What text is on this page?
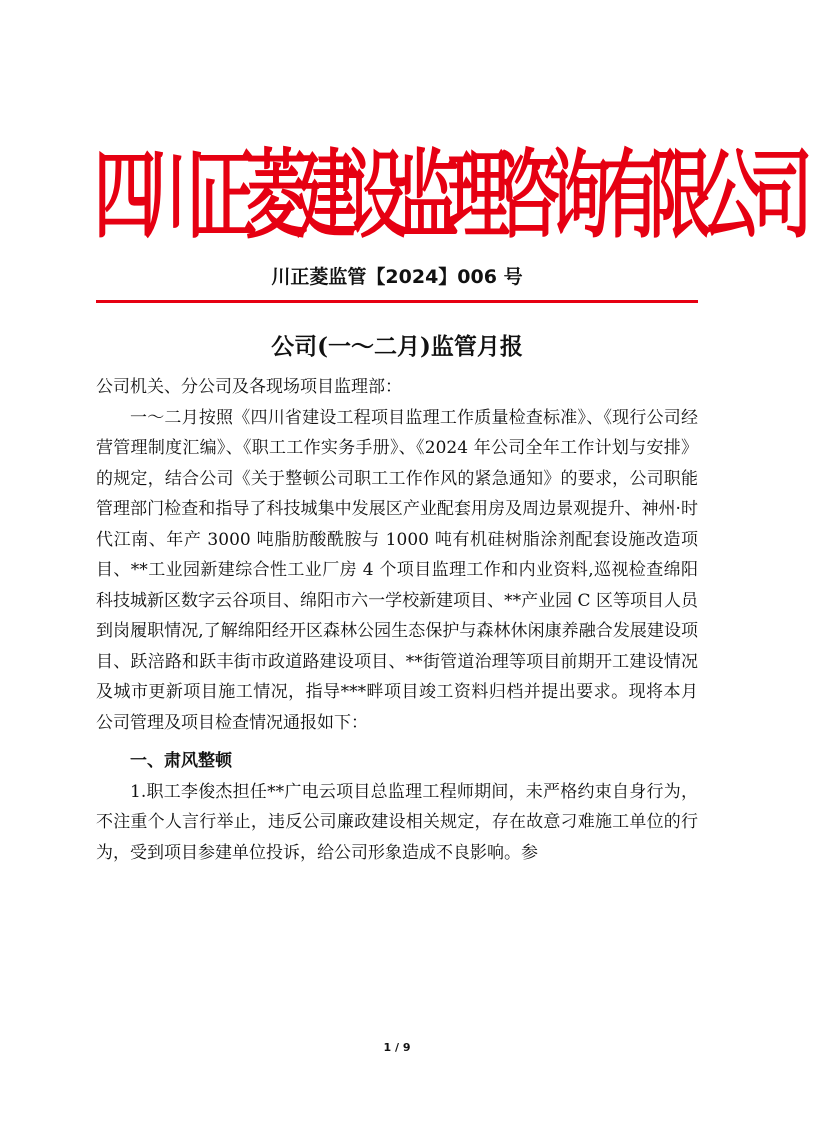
四
川
正
菱
建
设
监
理
咨
询
有
限
公
司
川正菱监管【2024】006 号
公司(一～二月)监管月报

公司机关、分公司及各现场项目监理部：

一～二月按照《四川省建设工程项目监理工作质量检查标准》、《现行公司经营管理制度汇编》、《职工工作实务手册》、《2024 年公司全年工作计划与安排》的规定，结合公司《关于整顿公司职工工作作风的紧急通知》的要求，公司职能管理部门检查和指导了科技城集中发展区产业配套用房及周边景观提升、神州·时代江南、年产 3000 吨脂肪酸酰胺与 1000 吨有机硅树脂涂剂配套设施改造项目、**工业园新建综合性工业厂房 4 个项目监理工作和内业资料,巡视检查绵阳科技城新区数字云谷项目、绵阳市六一学校新建项目、**产业园 C 区等项目人员到岗履职情况,了解绵阳经开区森林公园生态保护与森林休闲康养融合发展建设项目、跃涪路和跃丰街市政道路建设项目、**街管道治理等项目前期开工建设情况及城市更新项目施工情况，指导***畔项目竣工资料归档并提出要求。现将本月公司管理及项目检查情况通报如下：

一、肃风整顿

1.职工李俊杰担任**广电云项目总监理工程师期间，未严格约束自身行为，不注重个人言行举止，违反公司廉政建设相关规定，存在故意刁难施工单位的行为，受到项目参建单位投诉，给公司形象造成不良影响。参

1 / 9
